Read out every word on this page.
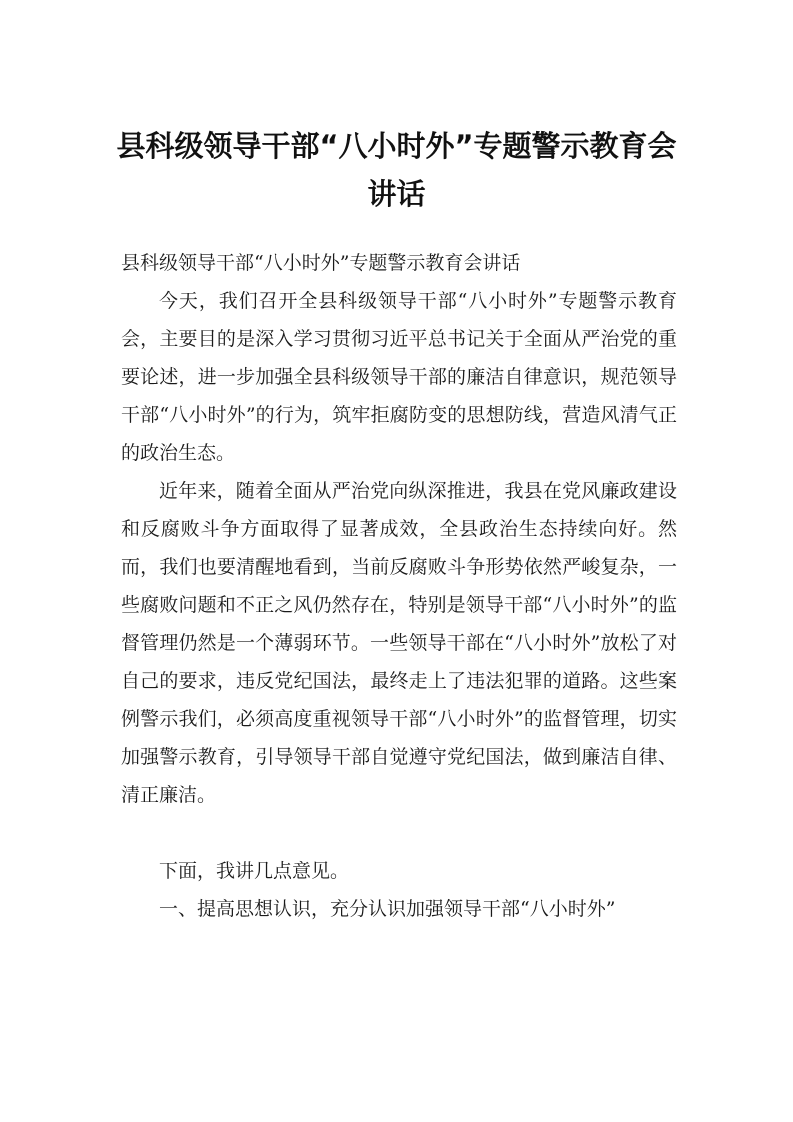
县科级领导干部“八小时外”专题警示教育会讲话

县科级领导干部“八小时外”专题警示教育会讲话

今天，我们召开全县科级领导干部“八小时外”专题警示教育会，主要目的是深入学习贯彻习近平总书记关于全面从严治党的重要论述，进一步加强全县科级领导干部的廉洁自律意识，规范领导干部“八小时外”的行为，筑牢拒腐防变的思想防线，营造风清气正的政治生态。

近年来，随着全面从严治党向纵深推进，我县在党风廉政建设和反腐败斗争方面取得了显著成效，全县政治生态持续向好。然而，我们也要清醒地看到，当前反腐败斗争形势依然严峻复杂，一些腐败问题和不正之风仍然存在，特别是领导干部“八小时外”的监督管理仍然是一个薄弱环节。一些领导干部在“八小时外”放松了对自己的要求，违反党纪国法，最终走上了违法犯罪的道路。这些案例警示我们，必须高度重视领导干部“八小时外”的监督管理，切实加强警示教育，引导领导干部自觉遵守党纪国法，做到廉洁自律、清正廉洁。

下面，我讲几点意见。

一、提高思想认识，充分认识加强领导干部“八小时外”
